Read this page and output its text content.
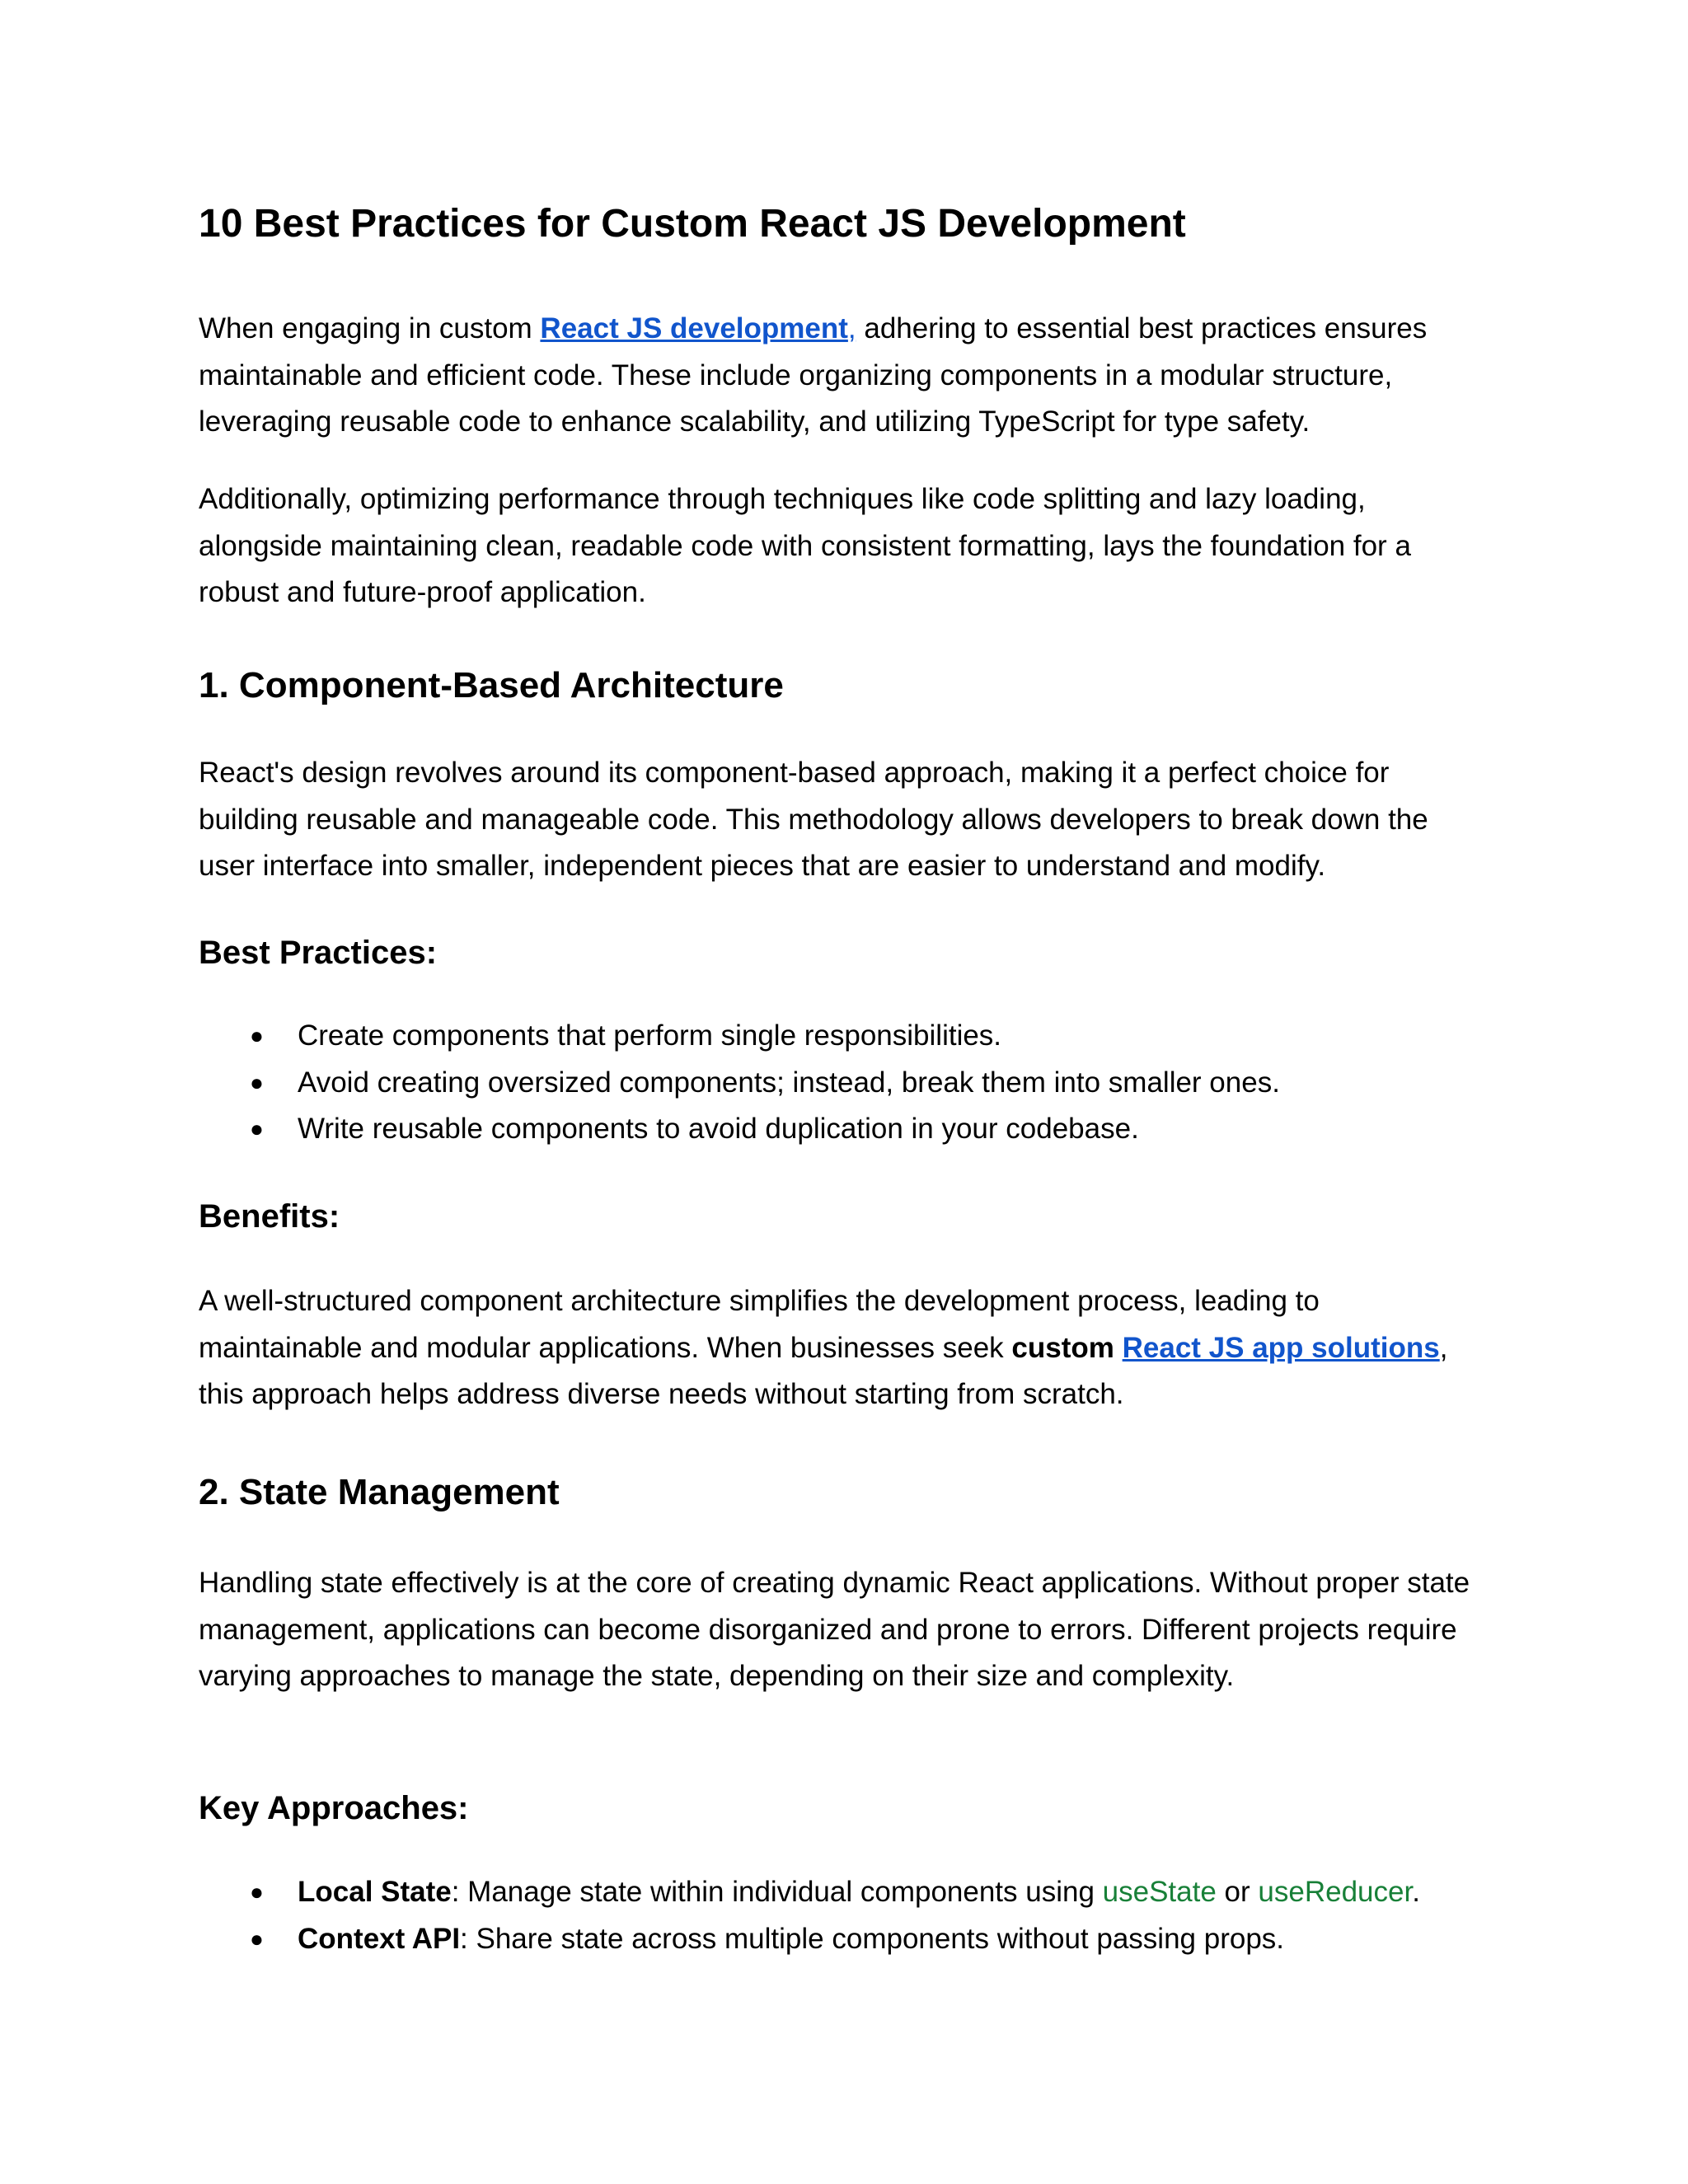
10 Best Practices for Custom React JS Development

When engaging in custom React JS development, adhering to essential best practices ensures maintainable and efficient code. These include organizing components in a modular structure, leveraging reusable code to enhance scalability, and utilizing TypeScript for type safety.

Additionally, optimizing performance through techniques like code splitting and lazy loading, alongside maintaining clean, readable code with consistent formatting, lays the foundation for a robust and future-proof application.

1. Component-Based Architecture

React's design revolves around its component-based approach, making it a perfect choice for building reusable and manageable code. This methodology allows developers to break down the user interface into smaller, independent pieces that are easier to understand and modify.

Best Practices:
● Create components that perform single responsibilities.
● Avoid creating oversized components; instead, break them into smaller ones.
● Write reusable components to avoid duplication in your codebase.
Benefits:

A well-structured component architecture simplifies the development process, leading to maintainable and modular applications. When businesses seek custom React JS app solutions, this approach helps address diverse needs without starting from scratch.

2. State Management

Handling state effectively is at the core of creating dynamic React applications. Without proper state management, applications can become disorganized and prone to errors. Different projects require varying approaches to manage the state, depending on their size and complexity.

Key Approaches:
● Local State: Manage state within individual components using useState or useReducer.
● Context API: Share state across multiple components without passing props.
